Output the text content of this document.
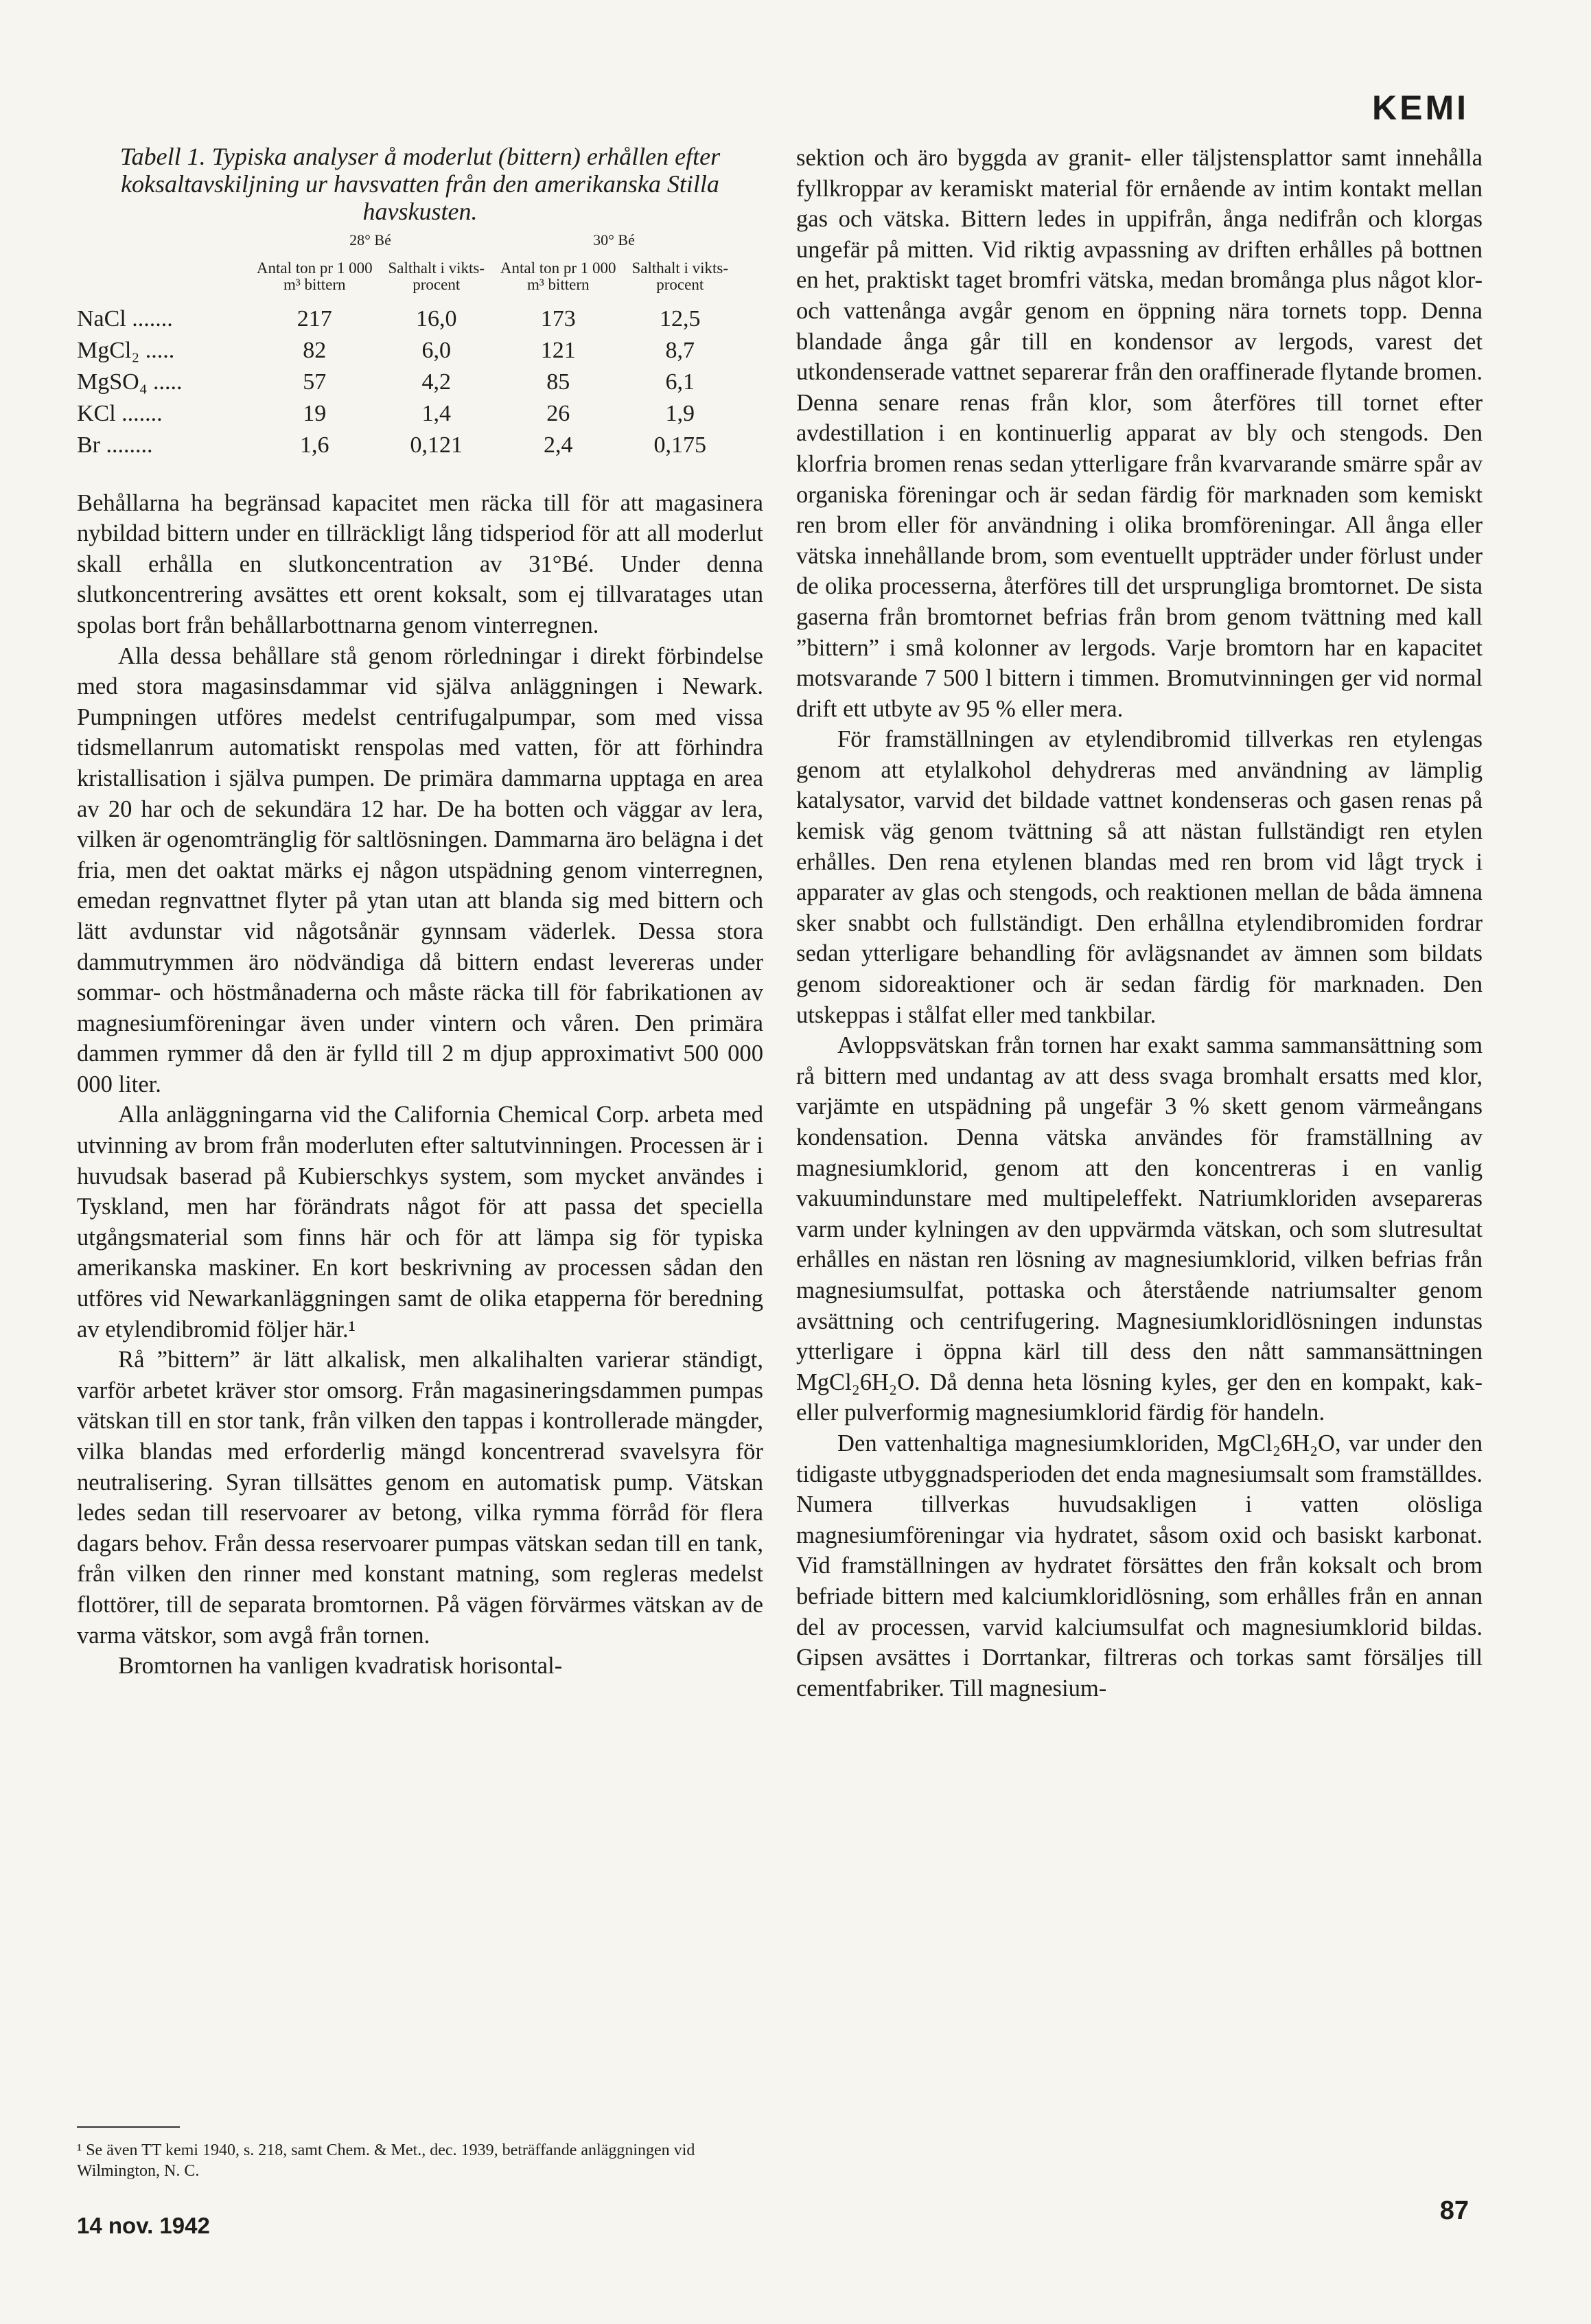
KEMI

Tabell 1. Typiska analyser å moderlut (bittern) erhållen efter koksaltavskiljning ur havsvatten från den amerikanska Stilla havskusten.

	28° Bé		30° Bé	
	Antal ton pr 1 000 m³ bittern	Salthalt i vikts-procent	Antal ton pr 1 000 m³ bittern	Salthalt i vikts-procent
NaCl .......	217	16,0	173	12,5
MgCl₂ .....	82	6,0	121	8,7
MgSO₄ .....	57	4,2	85	6,1
KCl .......	19	1,4	26	1,9
Br ........	1,6	0,121	2,4	0,175

Behållarna ha begränsad kapacitet men räcka till för att magasinera nybildad bittern under en tillräckligt lång tidsperiod för att all moderlut skall erhålla en slutkoncentration av 31°Bé. Under denna slutkoncentrering avsättes ett orent koksalt, som ej tillvaratages utan spolas bort från behållarbottnarna genom vinterregnen.

Alla dessa behållare stå genom rörledningar i direkt förbindelse med stora magasinsdammar vid själva anläggningen i Newark. Pumpningen utföres medelst centrifugalpumpar, som med vissa tidsmellanrum automatiskt renspolas med vatten, för att förhindra kristallisation i själva pumpen. De primära dammarna upptaga en area av 20 har och de sekundära 12 har. De ha botten och väggar av lera, vilken är ogenomtränglig för saltlösningen. Dammarna äro belägna i det fria, men det oaktat märks ej någon utspädning genom vinterregnen, emedan regnvattnet flyter på ytan utan att blanda sig med bittern och lätt avdunstar vid någotsånär gynnsam väderlek. Dessa stora dammutrymmen äro nödvändiga då bittern endast levereras under sommar- och höstmånaderna och måste räcka till för fabrikationen av magnesiumföreningar även under vintern och våren. Den primära dammen rymmer då den är fylld till 2 m djup approximativt 500 000 000 liter.

Alla anläggningarna vid the California Chemical Corp. arbeta med utvinning av brom från moderluten efter saltutvinningen. Processen är i huvudsak baserad på Kubierschkys system, som mycket användes i Tyskland, men har förändrats något för att passa det speciella utgångsmaterial som finns här och för att lämpa sig för typiska amerikanska maskiner. En kort beskrivning av processen sådan den utföres vid Newarkanläggningen samt de olika etapperna för beredning av etylendibromid följer här.¹

Rå ”bittern” är lätt alkalisk, men alkalihalten varierar ständigt, varför arbetet kräver stor omsorg. Från magasineringsdammen pumpas vätskan till en stor tank, från vilken den tappas i kontrollerade mängder, vilka blandas med erforderlig mängd koncentrerad svavelsyra för neutralisering. Syran tillsättes genom en automatisk pump. Vätskan ledes sedan till reservoarer av betong, vilka rymma förråd för flera dagars behov. Från dessa reservoarer pumpas vätskan sedan till en tank, från vilken den rinner med konstant matning, som regleras medelst flottörer, till de separata bromtornen. På vägen förvärmes vätskan av de varma vätskor, som avgå från tornen.

Bromtornen ha vanligen kvadratisk horisontal-

sektion och äro byggda av granit- eller täljstensplattor samt innehålla fyllkroppar av keramiskt material för ernående av intim kontakt mellan gas och vätska. Bittern ledes in uppifrån, ånga nedifrån och klorgas ungefär på mitten. Vid riktig avpassning av driften erhålles på bottnen en het, praktiskt taget bromfri vätska, medan bromånga plus något klor- och vattenånga avgår genom en öppning nära tornets topp. Denna blandade ånga går till en kondensor av lergods, varest det utkondenserade vattnet separerar från den oraffinerade flytande bromen. Denna senare renas från klor, som återföres till tornet efter avdestillation i en kontinuerlig apparat av bly och stengods. Den klorfria bromen renas sedan ytterligare från kvarvarande smärre spår av organiska föreningar och är sedan färdig för marknaden som kemiskt ren brom eller för användning i olika bromföreningar. All ånga eller vätska innehållande brom, som eventuellt uppträder under förlust under de olika processerna, återföres till det ursprungliga bromtornet. De sista gaserna från bromtornet befrias från brom genom tvättning med kall ”bittern” i små kolonner av lergods. Varje bromtorn har en kapacitet motsvarande 7 500 l bittern i timmen. Bromutvinningen ger vid normal drift ett utbyte av 95 % eller mera.

För framställningen av etylendibromid tillverkas ren etylengas genom att etylalkohol dehydreras med användning av lämplig katalysator, varvid det bildade vattnet kondenseras och gasen renas på kemisk väg genom tvättning så att nästan fullständigt ren etylen erhålles. Den rena etylenen blandas med ren brom vid lågt tryck i apparater av glas och stengods, och reaktionen mellan de båda ämnena sker snabbt och fullständigt. Den erhållna etylendibromiden fordrar sedan ytterligare behandling för avlägsnandet av ämnen som bildats genom sidoreaktioner och är sedan färdig för marknaden. Den utskeppas i stålfat eller med tankbilar.

Avloppsvätskan från tornen har exakt samma sammansättning som rå bittern med undantag av att dess svaga bromhalt ersatts med klor, varjämte en utspädning på ungefär 3 % skett genom värmeångans kondensation. Denna vätska användes för framställning av magnesiumklorid, genom att den koncentreras i en vanlig vakuumindunstare med multipeleffekt. Natriumkloriden avsepareras varm under kylningen av den uppvärmda vätskan, och som slutresultat erhålles en nästan ren lösning av magnesiumklorid, vilken befrias från magnesiumsulfat, pottaska och återstående natriumsalter genom avsättning och centrifugering. Magnesiumkloridlösningen indunstas ytterligare i öppna kärl till dess den nått sammansättningen MgCl₂6H₂O. Då denna heta lösning kyles, ger den en kompakt, kak- eller pulverformig magnesiumklorid färdig för handeln.

Den vattenhaltiga magnesiumkloriden, MgCl₂6H₂O, var under den tidigaste utbyggnadsperioden det enda magnesiumsalt som framställdes. Numera tillverkas huvudsakligen i vatten olösliga magnesiumföreningar via hydratet, såsom oxid och basiskt karbonat. Vid framställningen av hydratet försättes den från koksalt och brom befriade bittern med kalciumkloridlösning, som erhålles från en annan del av processen, varvid kalciumsulfat och magnesiumklorid bildas. Gipsen avsättes i Dorrtankar, filtreras och torkas samt försäljes till cementfabriker. Till magnesium-

¹ Se även TT kemi 1940, s. 218, samt Chem. & Met., dec. 1939, beträffande anläggningen vid Wilmington, N. C.
14 nov. 1942
87
